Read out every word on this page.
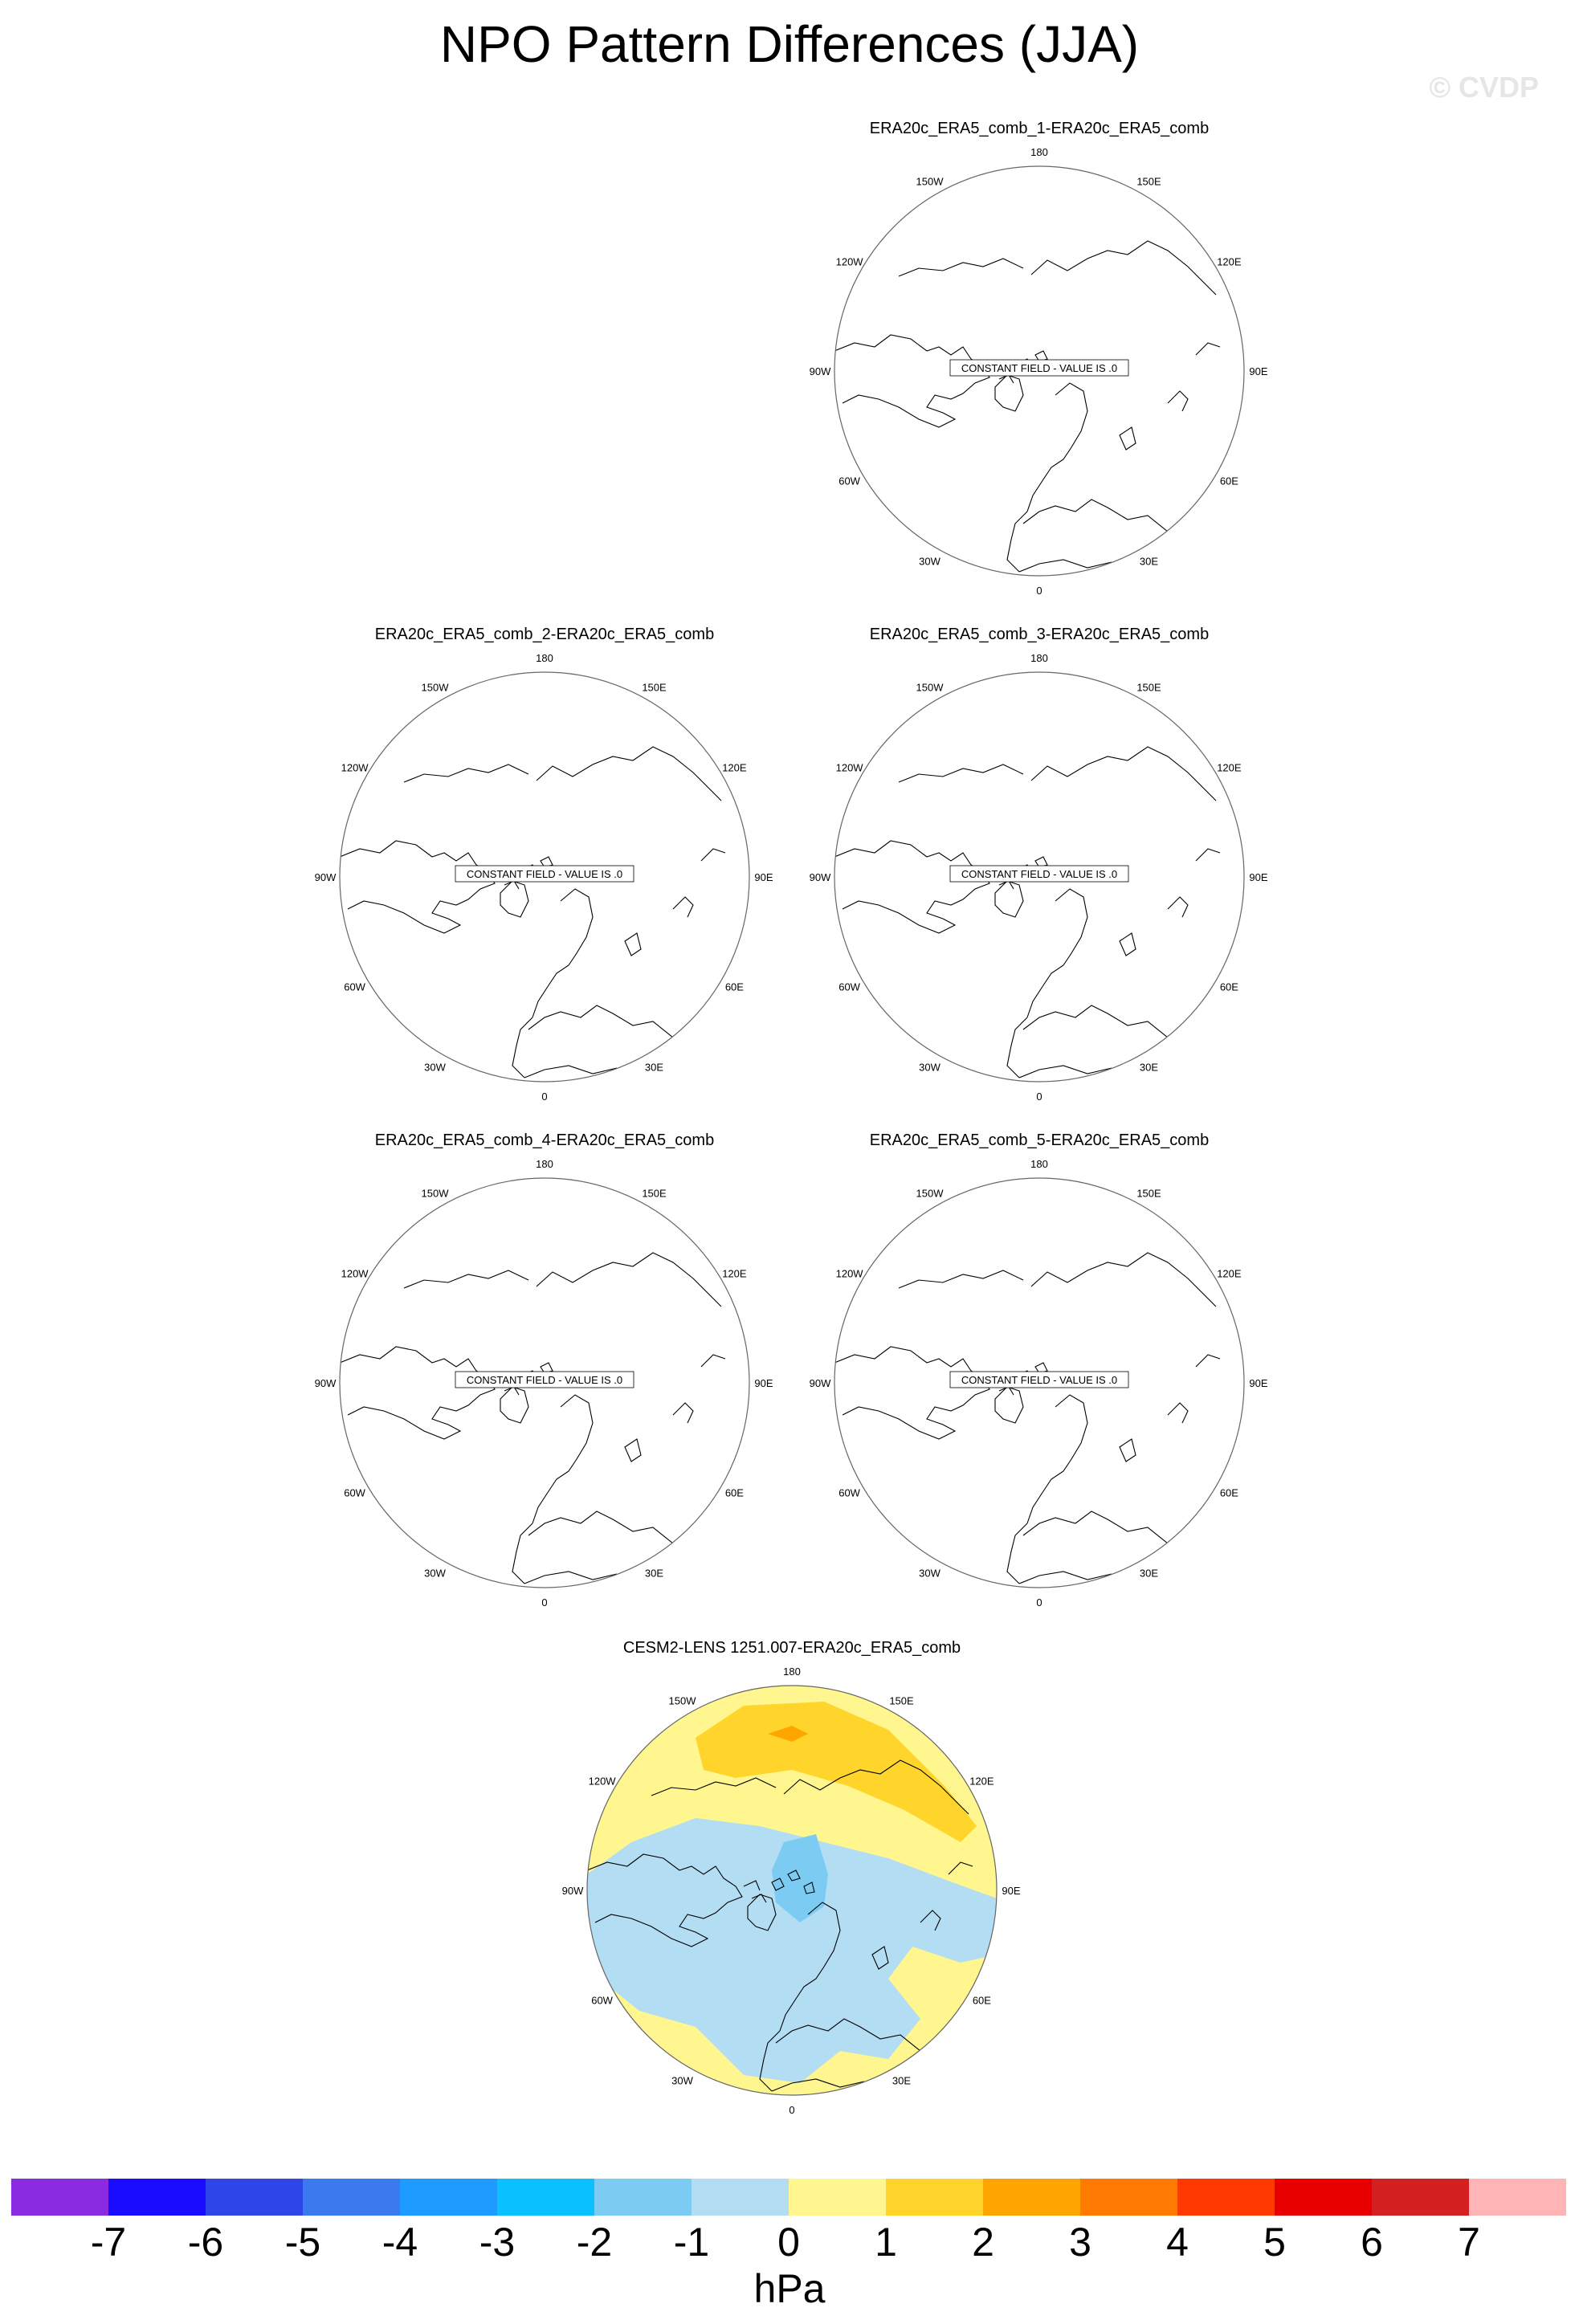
NPO Pattern Differences (JJA)
© CVDP
ERA20c_ERA5_comb_1-ERA20c_ERA5_comb
180
150E
120E
90E
60E
30E
0
30W
60W
90W
120W
150W
CONSTANT FIELD - VALUE IS .0
ERA20c_ERA5_comb_2-ERA20c_ERA5_comb
180
150E
120E
90E
60E
30E
0
30W
60W
90W
120W
150W
CONSTANT FIELD - VALUE IS .0
ERA20c_ERA5_comb_3-ERA20c_ERA5_comb
180
150E
120E
90E
60E
30E
0
30W
60W
90W
120W
150W
CONSTANT FIELD - VALUE IS .0
ERA20c_ERA5_comb_4-ERA20c_ERA5_comb
180
150E
120E
90E
60E
30E
0
30W
60W
90W
120W
150W
CONSTANT FIELD - VALUE IS .0
ERA20c_ERA5_comb_5-ERA20c_ERA5_comb
180
150E
120E
90E
60E
30E
0
30W
60W
90W
120W
150W
CONSTANT FIELD - VALUE IS .0
CESM2-LENS 1251.007-ERA20c_ERA5_comb
180
150E
120E
90E
60E
30E
0
30W
60W
90W
120W
150W
-7 -6 -5 -4 -3 -2 -1 0 1 2 3 4 5 6 7
hPa
